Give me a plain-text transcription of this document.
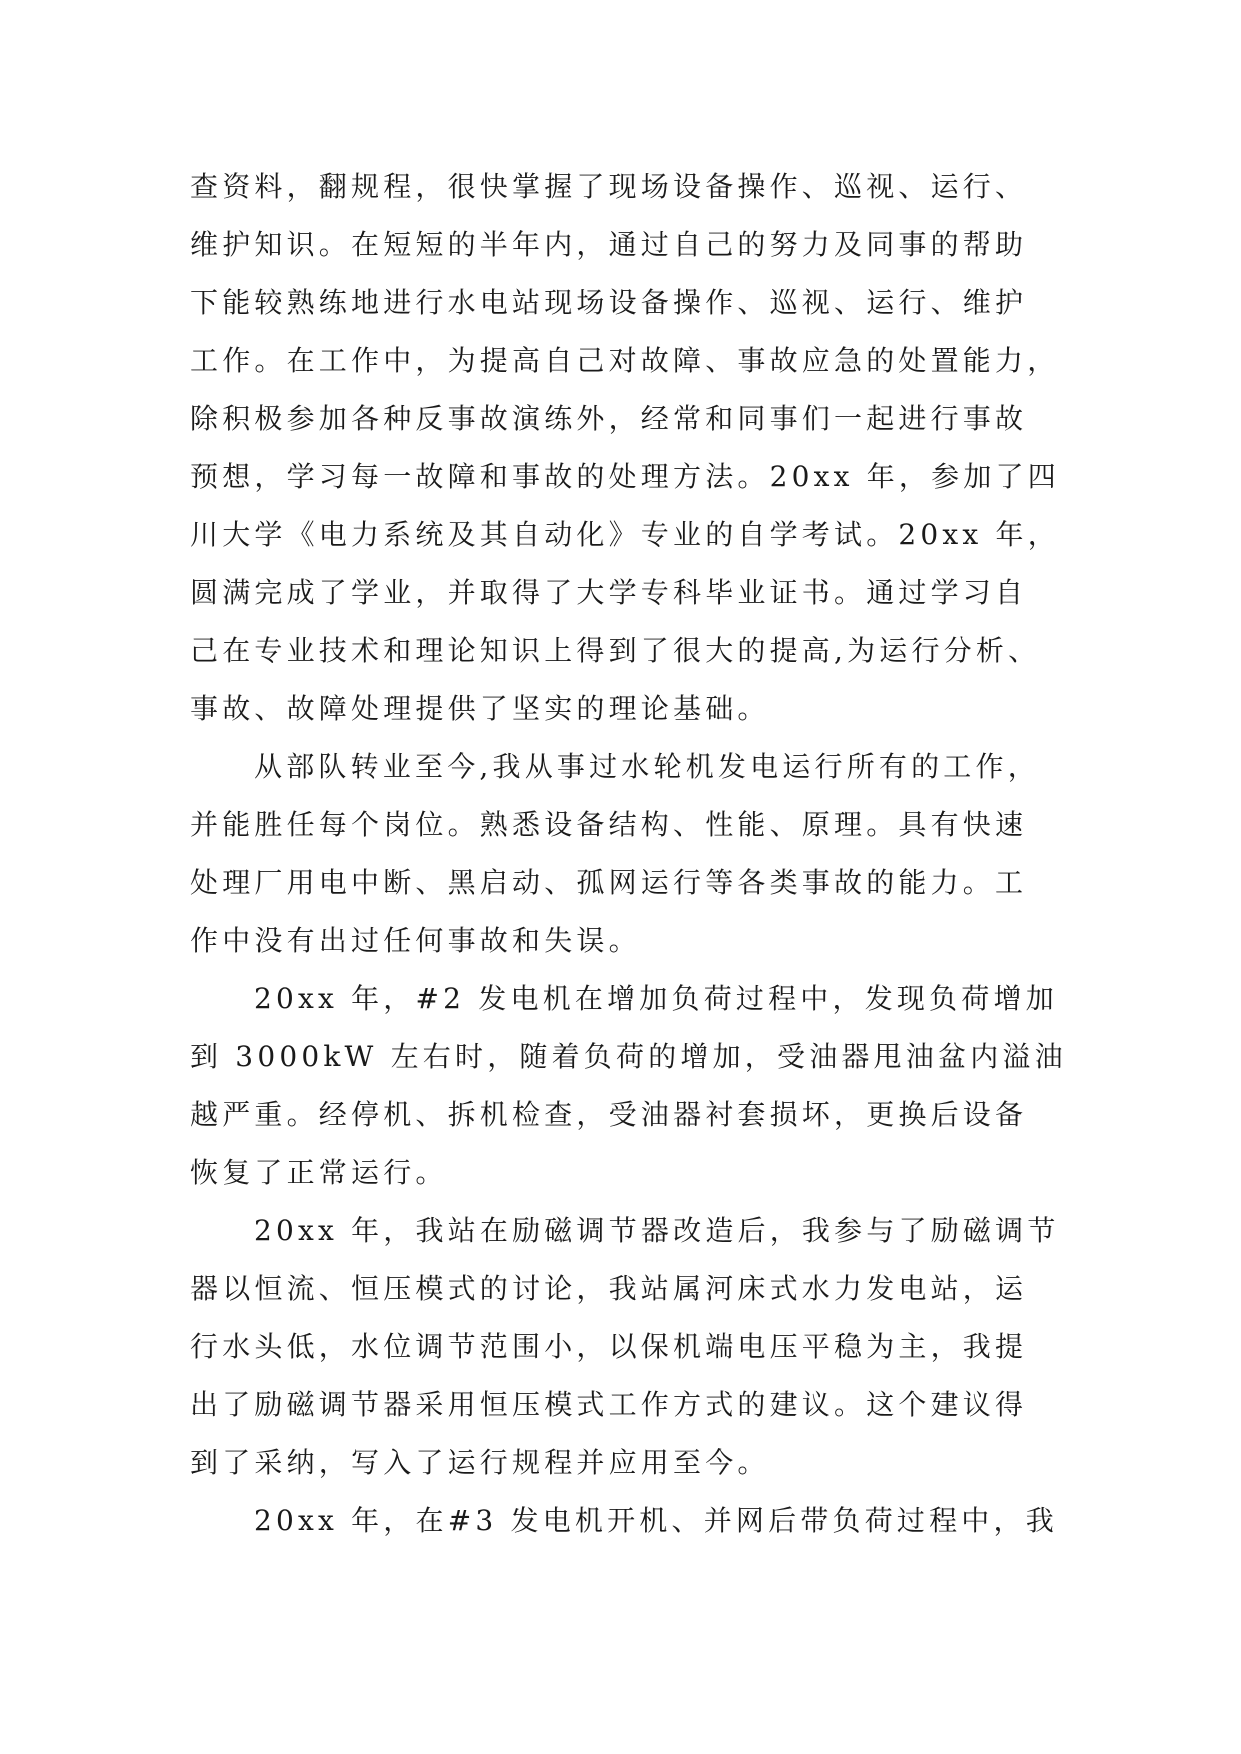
查资料，翻规程，很快掌握了现场设备操作、巡视、运行、
维护知识。在短短的半年内，通过自己的努力及同事的帮助
下能较熟练地进行水电站现场设备操作、巡视、运行、维护
工作。在工作中，为提高自己对故障、事故应急的处置能力，
除积极参加各种反事故演练外，经常和同事们一起进行事故
预想，学习每一故障和事故的处理方法。20xx 年，参加了四
川大学《电力系统及其自动化》专业的自学考试。20xx 年，
圆满完成了学业，并取得了大学专科毕业证书。通过学习自
己在专业技术和理论知识上得到了很大的提高,为运行分析、
事故、故障处理提供了坚实的理论基础。
从部队转业至今,我从事过水轮机发电运行所有的工作，
并能胜任每个岗位。熟悉设备结构、性能、原理。具有快速
处理厂用电中断、黑启动、孤网运行等各类事故的能力。工
作中没有出过任何事故和失误。
20xx 年，#2 发电机在增加负荷过程中，发现负荷增加
到 3000kW 左右时，随着负荷的增加，受油器甩油盆内溢油
越严重。经停机、拆机检查，受油器衬套损坏，更换后设备
恢复了正常运行。
20xx 年，我站在励磁调节器改造后，我参与了励磁调节
器以恒流、恒压模式的讨论，我站属河床式水力发电站，运
行水头低，水位调节范围小，以保机端电压平稳为主，我提
出了励磁调节器采用恒压模式工作方式的建议。这个建议得
到了采纳，写入了运行规程并应用至今。
20xx 年，在#3 发电机开机、并网后带负荷过程中，我
